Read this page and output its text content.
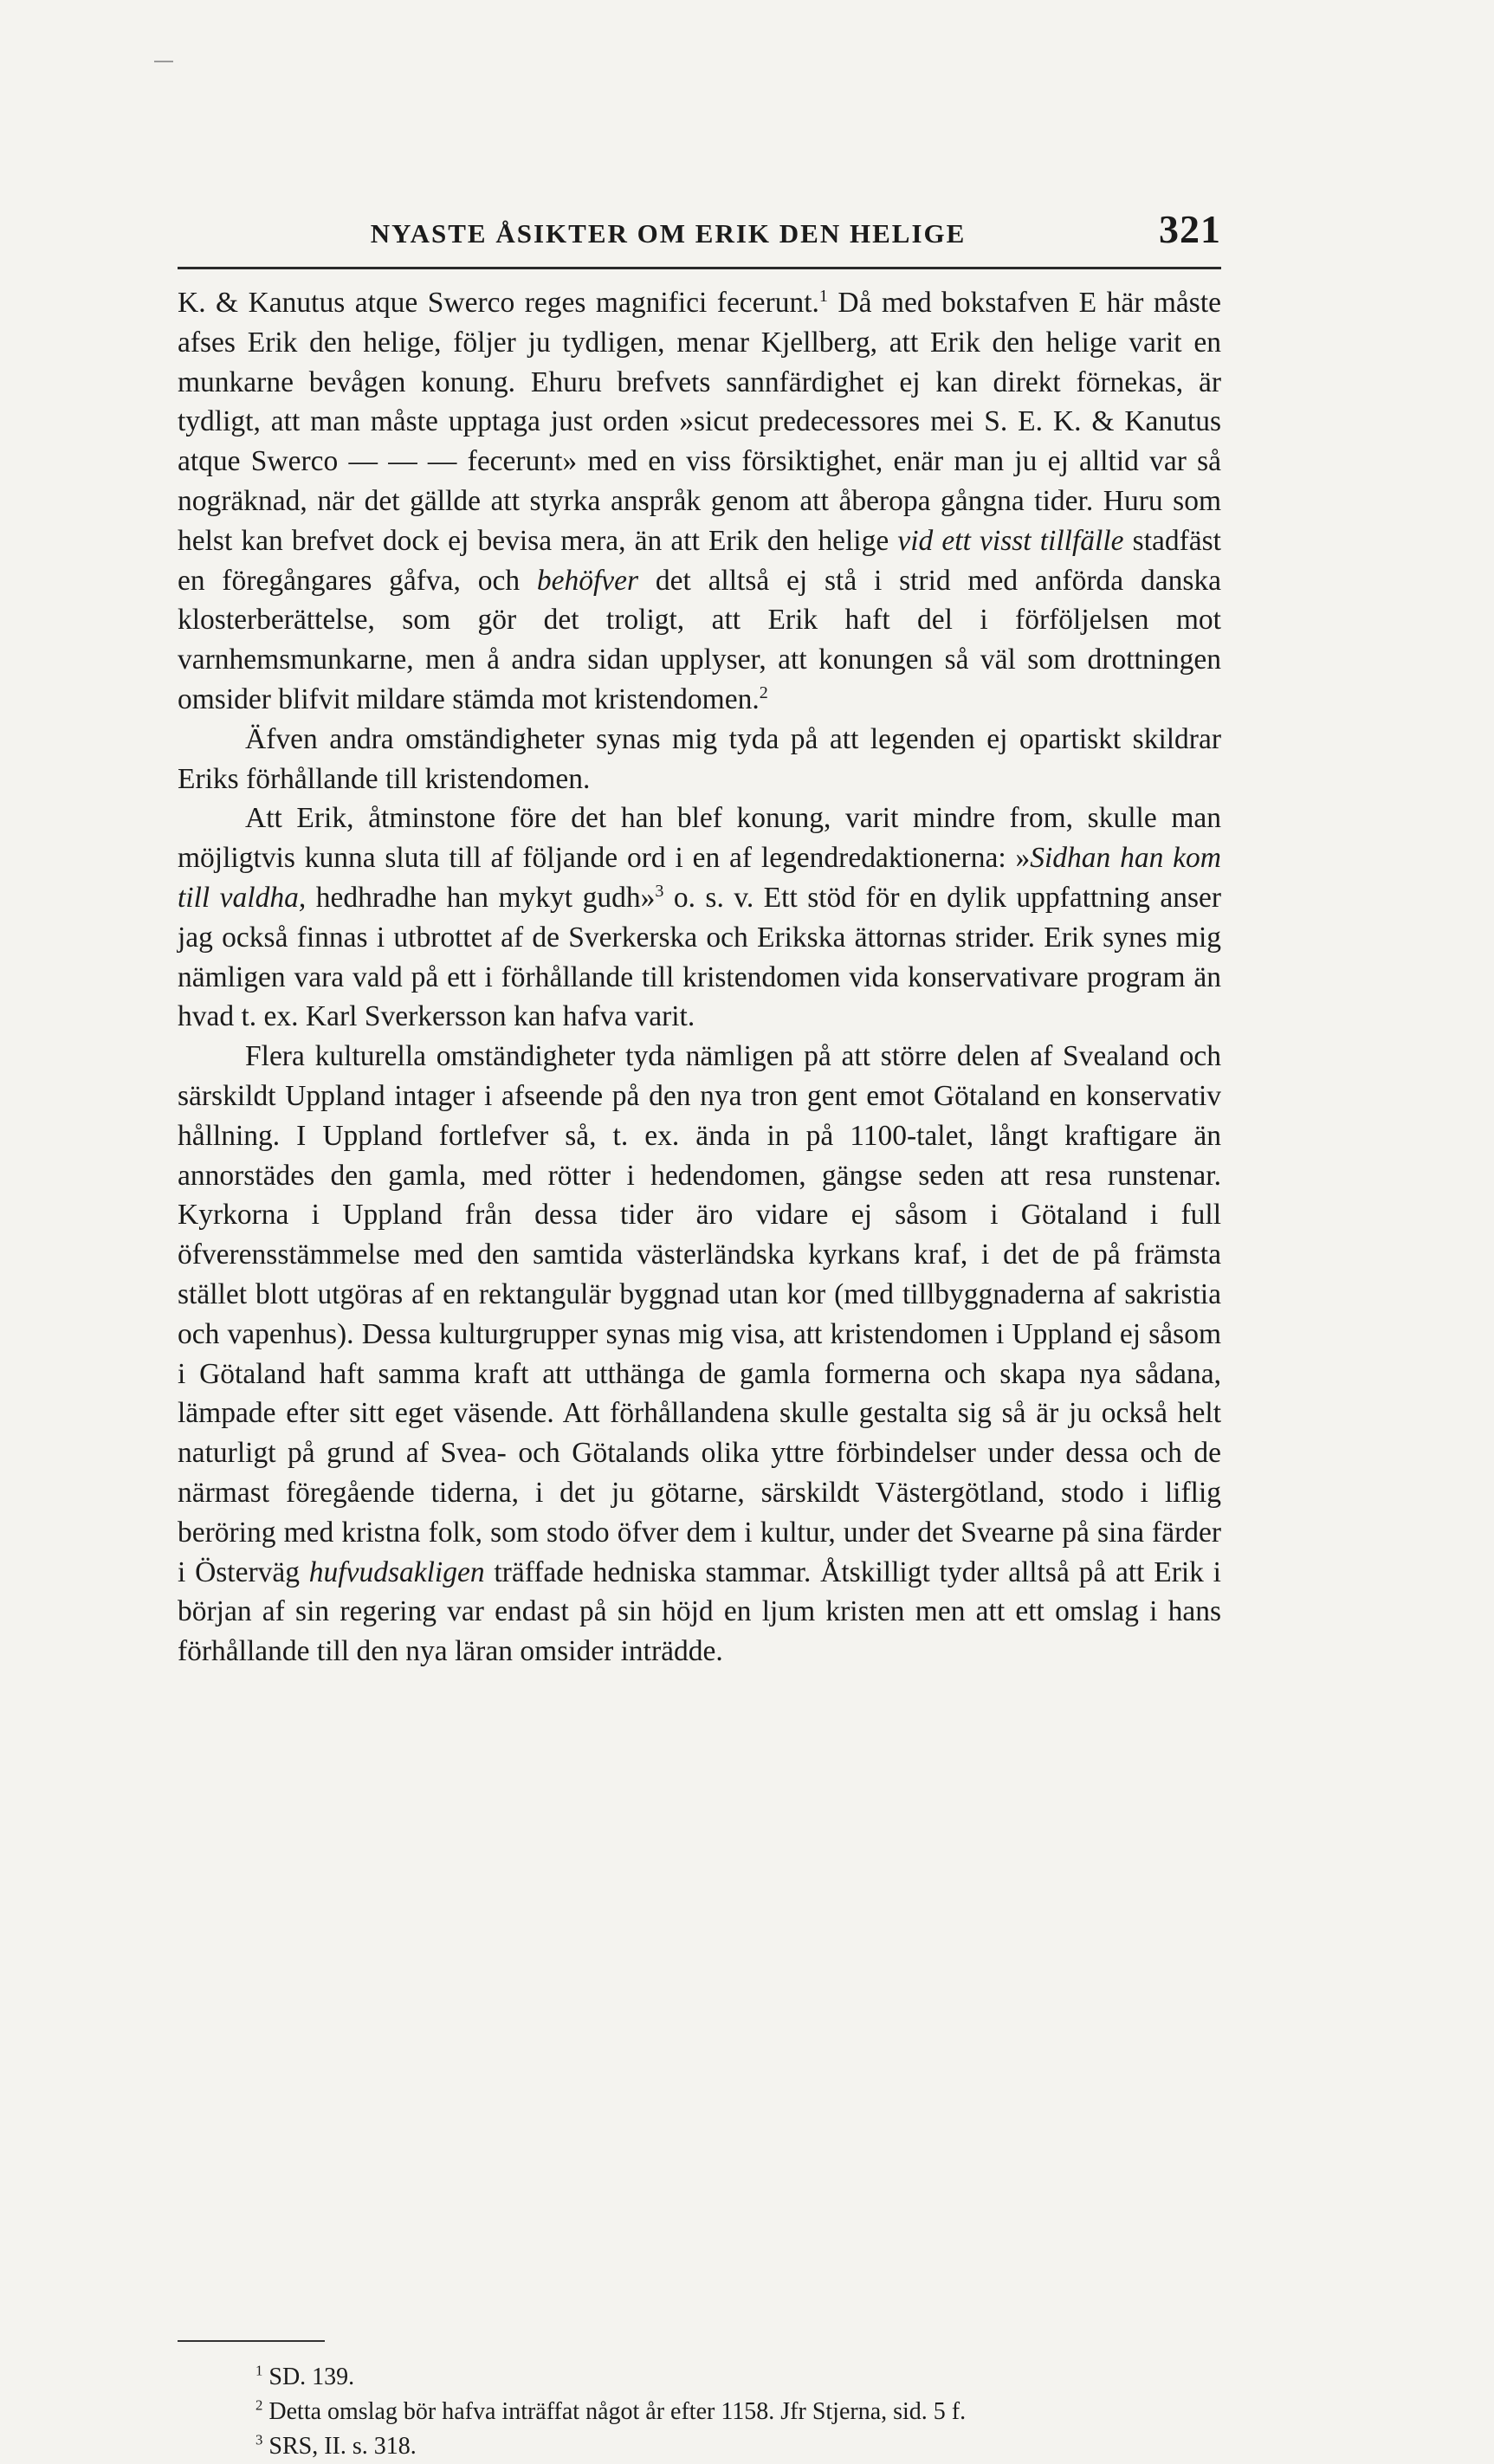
NYASTE ÅSIKTER OM ERIK DEN HELIGE	321

K. & Kanutus atque Swerco reges magnifici fecerunt.$^1$ Då med bokstafven E här måste afses Erik den helige, följer ju tydligen, menar Kjellberg, att Erik den helige varit en munkarne bevågen konung. Ehuru brefvets sannfärdighet ej kan direkt förnekas, är tydligt, att man måste upptaga just orden »sicut predecessores mei S. E. K. & Kanutus atque Swerco — — — fecerunt» med en viss försiktighet, enär man ju ej alltid var så nogräknad, när det gällde att styrka anspråk genom att åberopa gångna tider. Huru som helst kan brefvet dock ej bevisa mera, än att Erik den helige vid ett visst tillfälle stadfäst en föregångares gåfva, och behöfver det alltså ej stå i strid med anförda danska klosterberättelse, som gör det troligt, att Erik haft del i förföljelsen mot varnhemsmunkarne, men å andra sidan upplyser, att konungen så väl som drottningen omsider blifvit mildare stämda mot kristendomen.$^2$

Äfven andra omständigheter synas mig tyda på att legenden ej opartiskt skildrar Eriks förhållande till kristendomen.

Att Erik, åtminstone före det han blef konung, varit mindre from, skulle man möjligtvis kunna sluta till af följande ord i en af legendredaktionerna: »Sidhan han kom till valdha, hedhradhe han mykyt gudh»$^3$ o. s. v. Ett stöd för en dylik uppfattning anser jag också finnas i utbrottet af de Sverkerska och Erikska ättornas strider. Erik synes mig nämligen vara vald på ett i förhållande till kristendomen vida konservativare program än hvad t. ex. Karl Sverkersson kan hafva varit.

Flera kulturella omständigheter tyda nämligen på att större delen af Svealand och särskildt Uppland intager i afseende på den nya tron gent emot Götaland en konservativ hållning. I Uppland fortlefver så, t. ex. ända in på 1100-talet, långt kraftigare än annorstädes den gamla, med rötter i hedendomen, gängse seden att resa runstenar. Kyrkorna i Uppland från dessa tider äro vidare ej såsom i Götaland i full öfverensstämmelse med den samtida västerländska kyrkans kraf, i det de på främsta stället blott utgöras af en rektangulär byggnad utan kor (med tillbyggnaderna af sakristia och vapenhus). Dessa kulturgrupper synas mig visa, att kristendomen i Uppland ej såsom i Götaland haft samma kraft att utthänga de gamla formerna och skapa nya sådana, lämpade efter sitt eget väsende. Att förhållandena skulle gestalta sig så är ju också helt naturligt på grund af Svea- och Götalands olika yttre förbindelser under dessa och de närmast föregående tiderna, i det ju götarne, särskildt Västergötland, stodo i liflig beröring med kristna folk, som stodo öfver dem i kultur, under det Svearne på sina färder i Österväg hufvudsakligen träffade hedniska stammar. Åtskilligt tyder alltså på att Erik i början af sin regering var endast på sin höjd en ljum kristen men att ett omslag i hans förhållande till den nya läran omsider inträdde.

$^1$ SD. 139.

$^2$ Detta omslag bör hafva inträffat något år efter 1158. Jfr Stjerna, sid. 5 f.

$^3$ SRS, II. s. 318.
